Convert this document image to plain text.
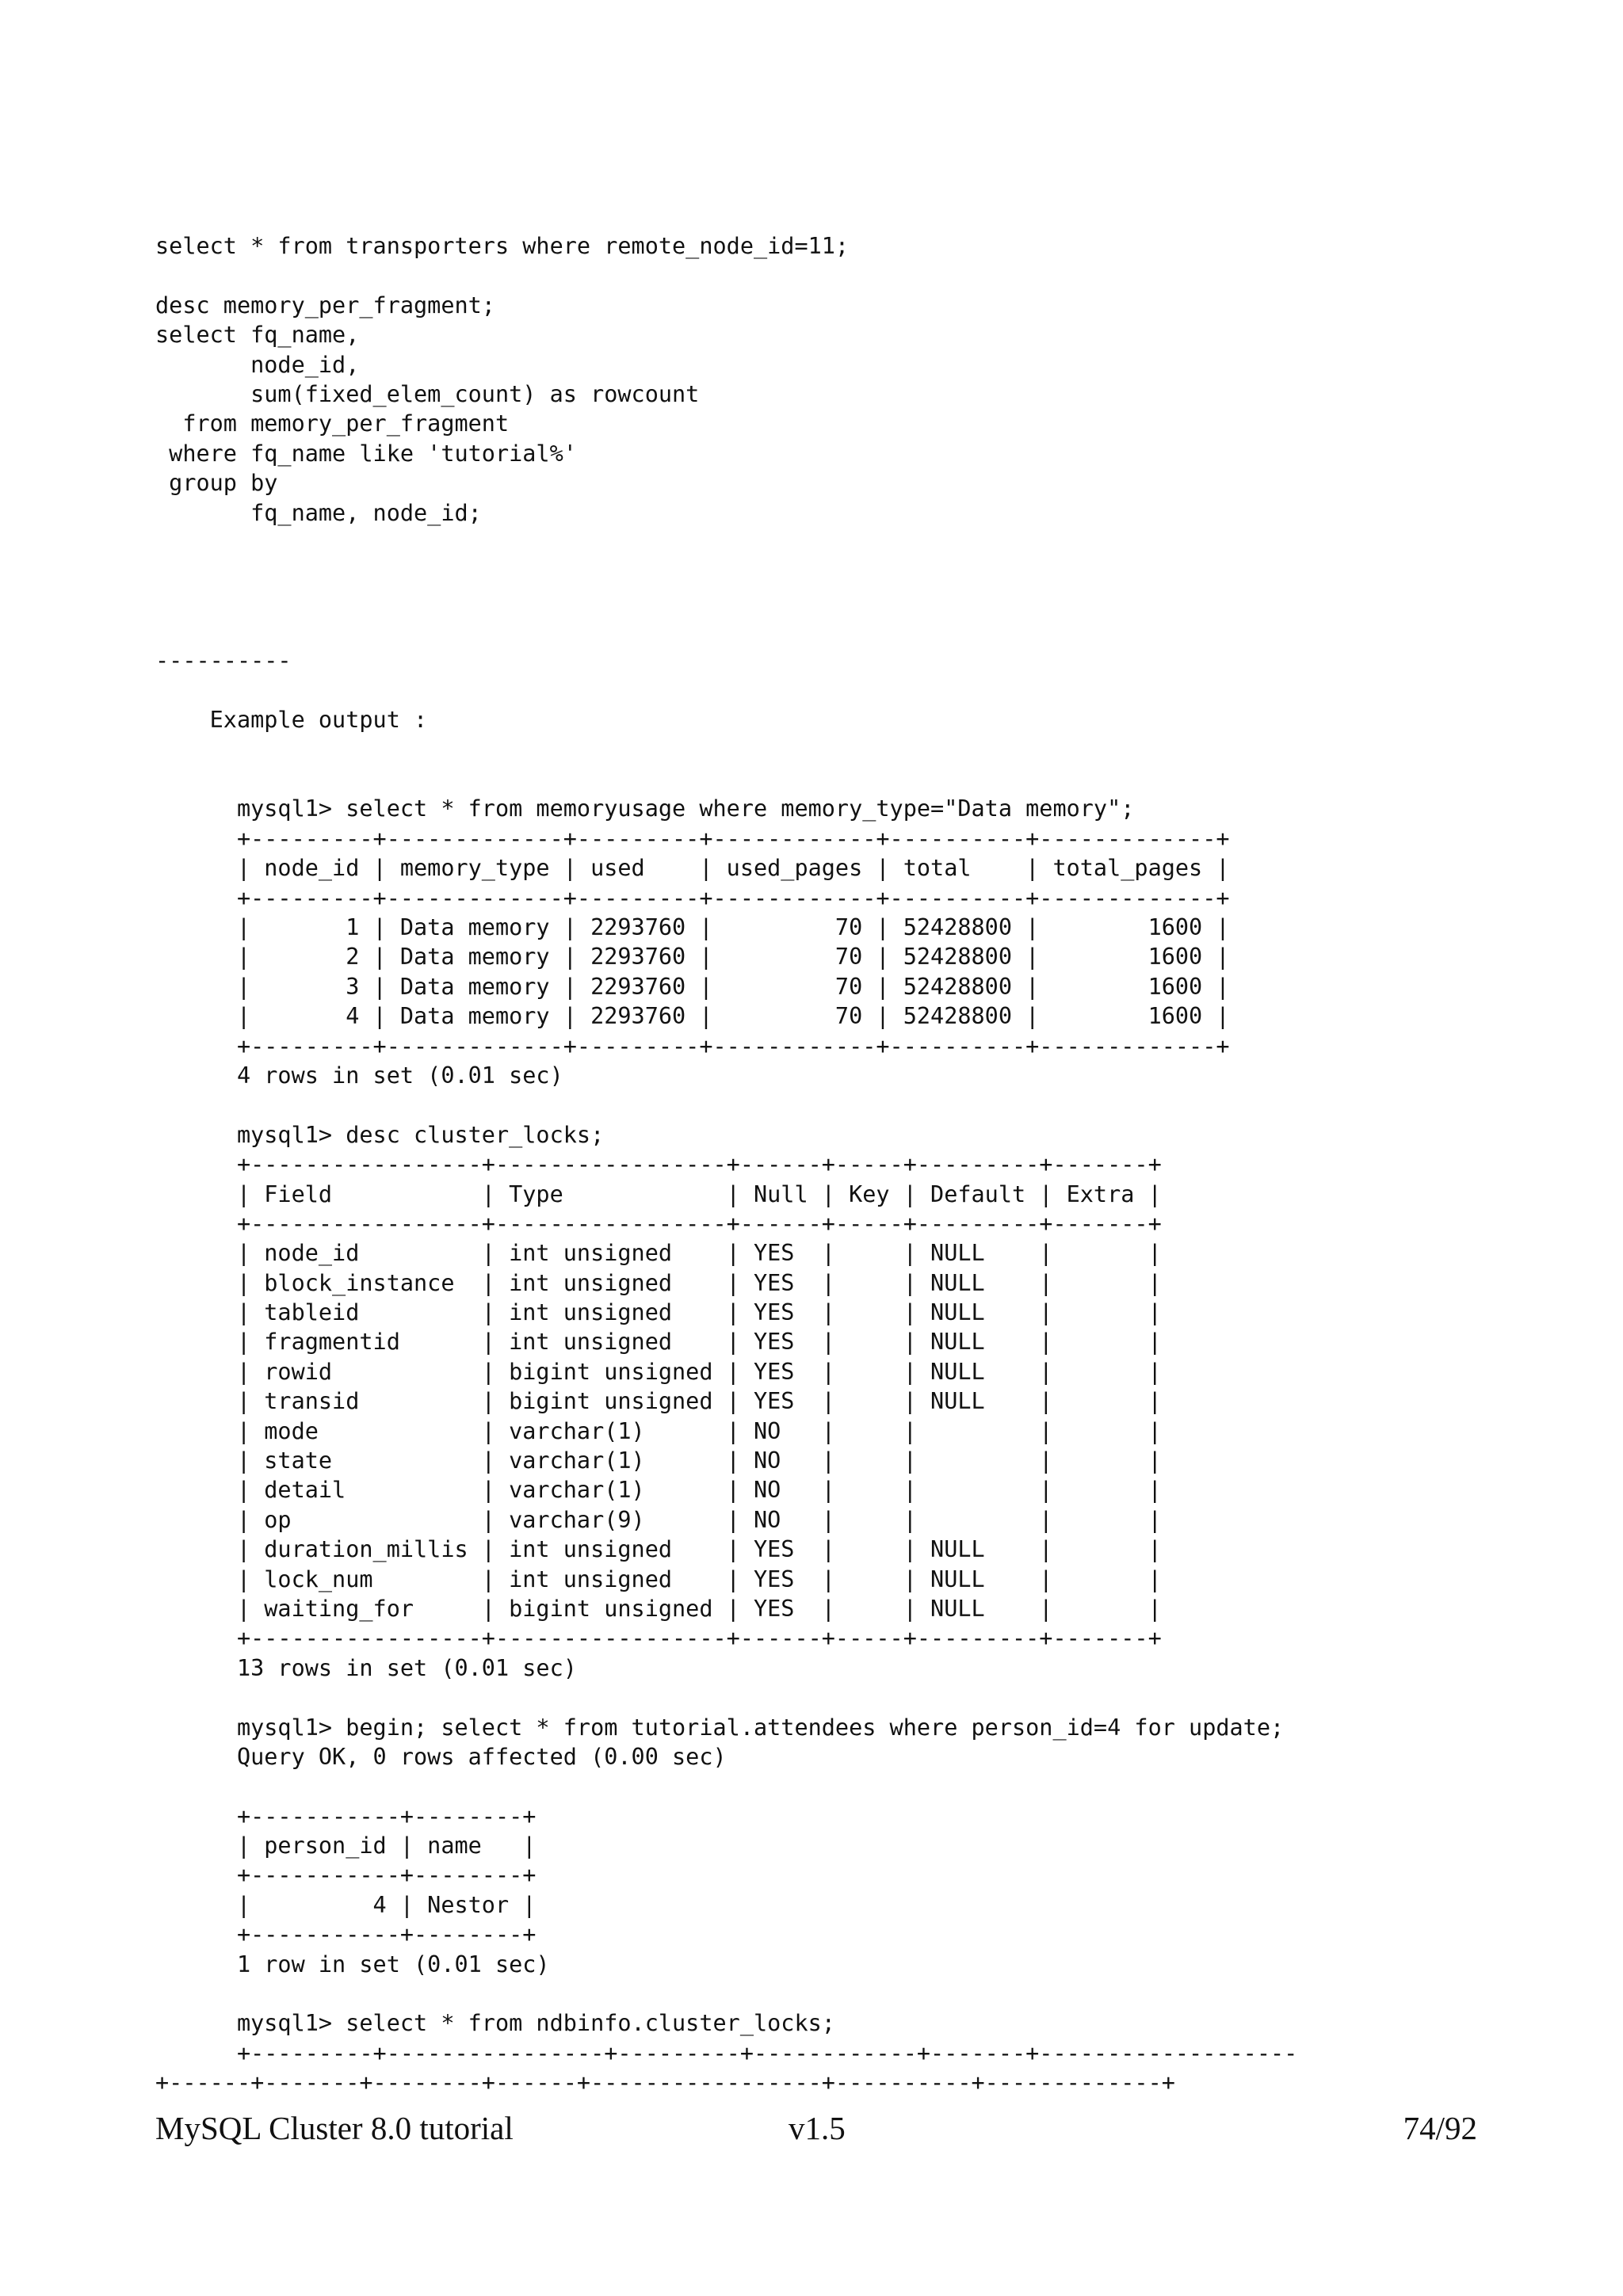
select * from transporters where remote_node_id=11;
desc memory_per_fragment;
select fq_name,
node_id,
sum(fixed_elem_count) as rowcount
from memory_per_fragment
where fq_name like 'tutorial%'
group by
fq_name, node_id;
----------
Example output :
mysql1> select * from memoryusage where memory_type="Data memory";
+---------+-------------+---------+------------+----------+-------------+
| node_id | memory_type | used    | used_pages | total    | total_pages |
+---------+-------------+---------+------------+----------+-------------+
|       1 | Data memory | 2293760 |         70 | 52428800 |        1600 |
|       2 | Data memory | 2293760 |         70 | 52428800 |        1600 |
|       3 | Data memory | 2293760 |         70 | 52428800 |        1600 |
|       4 | Data memory | 2293760 |         70 | 52428800 |        1600 |
+---------+-------------+---------+------------+----------+-------------+
4 rows in set (0.01 sec)
mysql1> desc cluster_locks;
+-----------------+-----------------+------+-----+---------+-------+
| Field           | Type            | Null | Key | Default | Extra |
+-----------------+-----------------+------+-----+---------+-------+
| node_id         | int unsigned    | YES  |     | NULL    |       |
| block_instance  | int unsigned    | YES  |     | NULL    |       |
| tableid         | int unsigned    | YES  |     | NULL    |       |
| fragmentid      | int unsigned    | YES  |     | NULL    |       |
| rowid           | bigint unsigned | YES  |     | NULL    |       |
| transid         | bigint unsigned | YES  |     | NULL    |       |
| mode            | varchar(1)      | NO   |     |         |       |
| state           | varchar(1)      | NO   |     |         |       |
| detail          | varchar(1)      | NO   |     |         |       |
| op              | varchar(9)      | NO   |     |         |       |
| duration_millis | int unsigned    | YES  |     | NULL    |       |
| lock_num        | int unsigned    | YES  |     | NULL    |       |
| waiting_for     | bigint unsigned | YES  |     | NULL    |       |
+-----------------+-----------------+------+-----+---------+-------+
13 rows in set (0.01 sec)
mysql1> begin; select * from tutorial.attendees where person_id=4 for update;
Query OK, 0 rows affected (0.00 sec)
+-----------+--------+
| person_id | name   |
+-----------+--------+
|         4 | Nestor |
+-----------+--------+
1 row in set (0.01 sec)
mysql1> select * from ndbinfo.cluster_locks;
+---------+----------------+---------+------------+-------+-------------------
+------+-------+--------+------+-----------------+----------+-------------+
MySQL Cluster 8.0 tutorial	v1.5	74/92
